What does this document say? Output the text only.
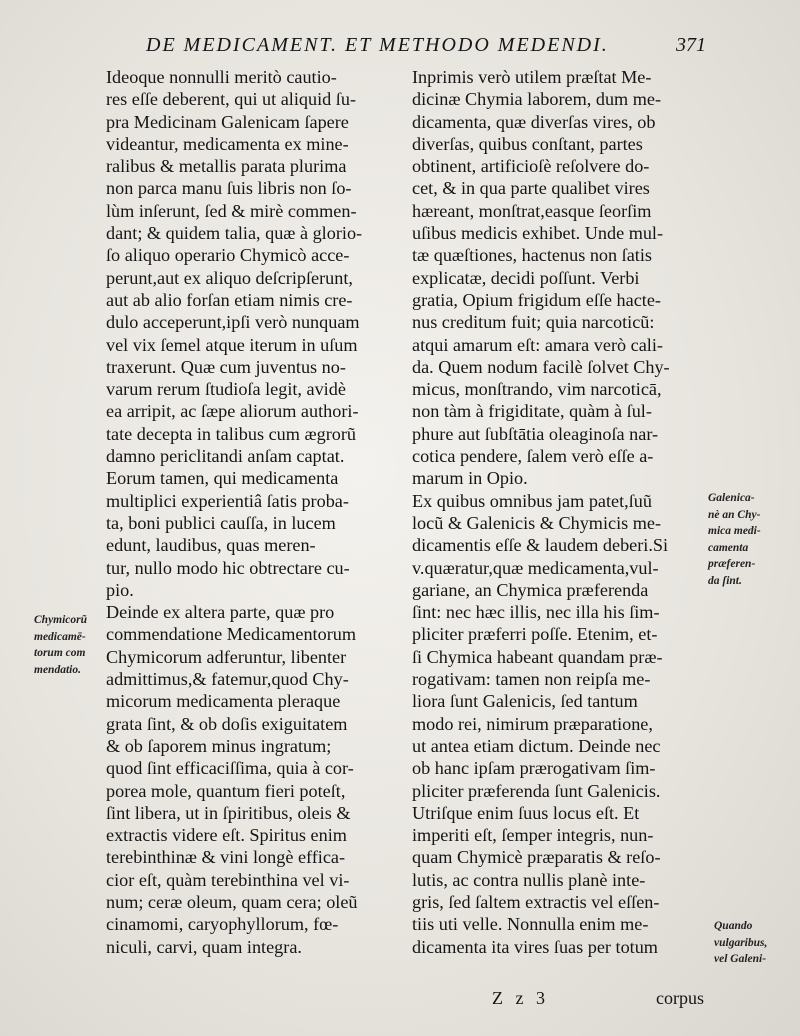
DE MEDICAMENT. ET METHODO MEDENDI.	371
Ideoque nonnulli meritò cautio-
res eſſe deberent, qui ut aliquid ſu-
pra Medicinam Galenicam ſapere
videantur, medicamenta ex mine-
ralibus & metallis parata plurima
non parca manu ſuis libris non ſo-
lùm inſerunt, ſed & mirè commen-
dant; & quidem talia, quæ à glorio-
ſo aliquo operario Chymicò acce-
perunt,aut ex aliquo deſcripſerunt,
aut ab alio forſan etiam nimis cre-
dulo acceperunt,ipſi verò nunquam
vel vix ſemel atque iterum in uſum
traxerunt. Quæ cum juventus no-
varum rerum ſtudioſa legit, avidè
ea arripit, ac ſæpe aliorum authori-
tate decepta in talibus cum ægrorũ
damno periclitandi anſam captat.
Eorum tamen, qui medicamenta
multiplici experientiâ ſatis proba-
ta, boni publici cauſſa, in lucem
edunt, laudibus, quas meren-
tur, nullo modo hic obtrectare cu-
pio.
Deinde ex altera parte, quæ pro
commendatione Medicamentorum
Chymicorum adferuntur, libenter
admittimus,& fatemur,quod Chy-
micorum medicamenta pleraque
grata ſint, & ob doſis exiguitatem
& ob ſaporem minus ingratum;
quod ſint efficaciſſima, quia à cor-
porea mole, quantum fieri poteſt,
ſint libera, ut in ſpiritibus, oleis &
extractis videre eſt. Spiritus enim
terebinthinæ & vini longè effica-
cior eſt, quàm terebinthina vel vi-
num; ceræ oleum, quam cera; oleũ
cinamomi, caryophyllorum, fœ-
niculi, carvi, quam integra.
Inprimis verò utilem præſtat Me-
dicinæ Chymia laborem, dum me-
dicamenta, quæ diverſas vires, ob
diverſas, quibus conſtant, partes
obtinent, artificioſè reſolvere do-
cet, & in qua parte qualibet vires
hæreant, monſtrat,easque ſeorſim
uſibus medicis exhibet. Unde mul-
tæ quæſtiones, hactenus non ſatis
explicatæ, decidi poſſunt. Verbi
gratia, Opium frigidum eſſe hacte-
nus creditum fuit; quia narcoticũ:
atqui amarum eſt: amara verò cali-
da. Quem nodum facilè ſolvet Chy-
micus, monſtrando, vim narcoticā,
non tàm à frigiditate, quàm à ſul-
phure aut ſubſtātia oleaginoſa nar-
cotica pendere, ſalem verò eſſe a-
marum in Opio.
Ex quibus omnibus jam patet,ſuũ
locũ & Galenicis & Chymicis me-
dicamentis eſſe & laudem deberi.Si
v.quæratur,quæ medicamenta,vul-
gariane, an Chymica præferenda
ſint: nec hæc illis, nec illa his ſim-
pliciter præferri poſſe. Etenim, et-
ſi Chymica habeant quandam præ-
rogativam: tamen non reipſa me-
liora ſunt Galenicis, ſed tantum
modo rei, nimirum præparatione,
ut antea etiam dictum. Deinde nec
ob hanc ipſam prærogativam ſim-
pliciter præferenda ſunt Galenicis.
Utriſque enim ſuus locus eſt. Et
imperiti eſt, ſemper integris, nun-
quam Chymicè præparatis & reſo-
lutis, ac contra nullis planè inte-
gris, ſed ſaltem extractis vel eſſen-
tiis uti velle. Nonnulla enim me-
dicamenta ita vires ſuas per totum
Chymicorũ
medicamē-
torum com
mendatio.
Galenica-
nè an Chy-
mica medi-
camenta
præferen-
da ſint.
Quando
vulgaribus,
vel Galeni-
Z z 3	corpus
